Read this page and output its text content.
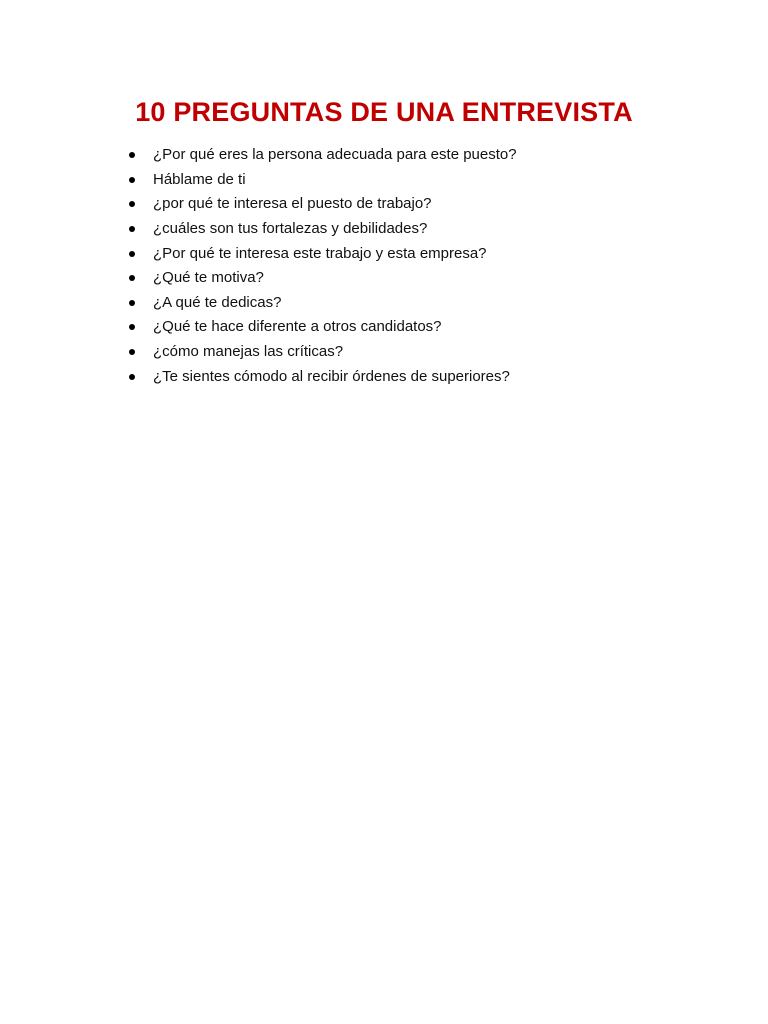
10 PREGUNTAS DE UNA ENTREVISTA
¿Por qué eres la persona adecuada para este puesto?
Háblame de ti
¿por qué te interesa el puesto de trabajo?
¿cuáles son tus fortalezas y debilidades?
¿Por qué te interesa este trabajo y esta empresa?
¿Qué te motiva?
¿A qué te dedicas?
¿Qué te hace diferente a otros candidatos?
¿cómo manejas las críticas?
¿Te sientes cómodo al recibir órdenes de superiores?
